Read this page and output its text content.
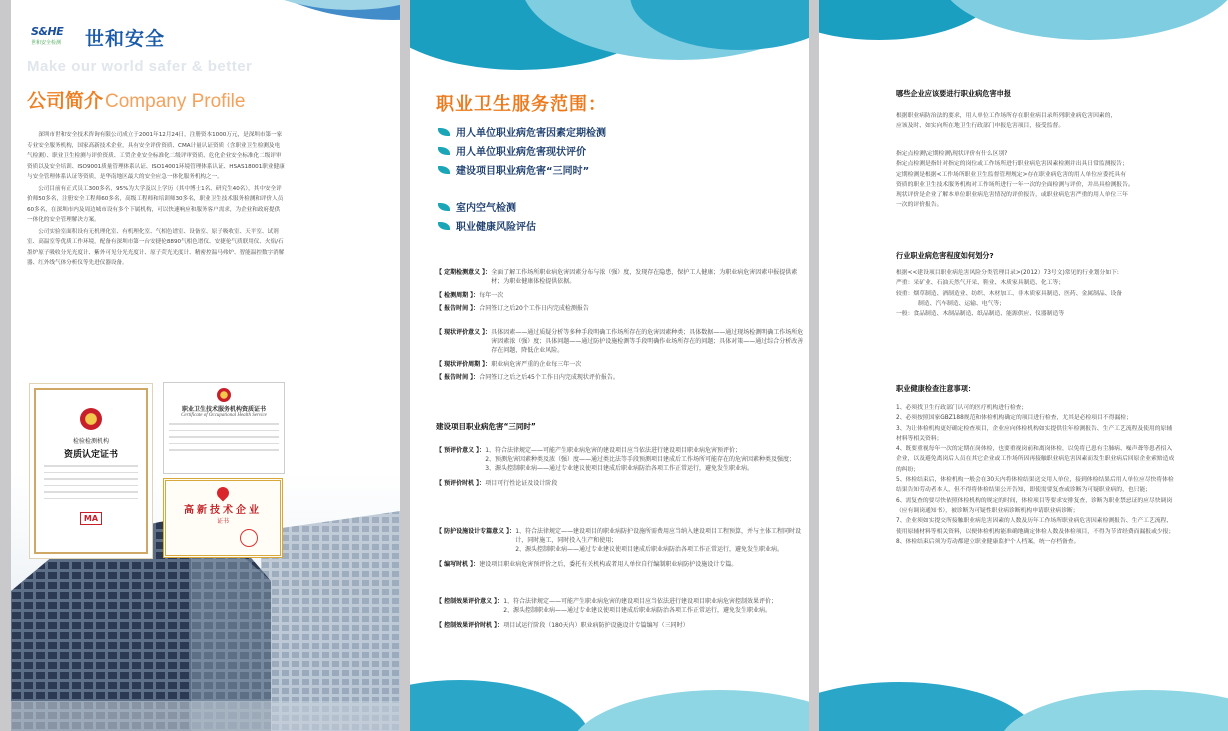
S&HE
世和安全检测 世和安全
Make our world safer & better
公司简介 Company Profile

深圳市世和安全技术咨询有限公司成立于2001年12月24日，注册资本1000万元，是深圳市第一家专业安全服务机构，国家高新技术企业，具有安全评价资质、CMA计量认证资质（含职业卫生检测及电气检测）、职业卫生检测与评价资质、工贸企业安全标准化二级评审资质、危化企业安全标准化二级评审资质以及安全培训、ISO9001质量管理体系认证、ISO14001环境管理体系认证、HSAS18001职业健康与安全管理体系认证等资质，是华南地区最大的安全应急一体化服务机构之一。

公司目前有正式员工300多名，95%为大学及以上学历（其中博士1名、研究生40名），其中安全评价师50多名，注册安全工程师60多名，高级工程师和培训师30多名，职业卫生技术服务检测和评价人员60多名，在深圳市内及周边城市设有多个下属机构，可以快速响应和服务客户需求，为企业和政府提供一体化的安全管理解决方案。

公司实验室面积设有无机理化室、有机理化室、气相色谱室、设备室、原子吸收室、天平室、试剂室、高温室等优质工作环境，配备有深圳市第一台安捷伦8890气相色谱仪、安捷伦气质联用仪、火焰/石墨炉原子吸收分光光度计、紫外可见分光光度计、原子荧光光度计、精密控温马弗炉、智能温控数字消解器、红外线气体分析仪等先进仪器设备。

检验检测机构
资质认定证书
MA
职业卫生技术服务机构资质证书
Certificate of Occupational Health Service
高新技术企业
证书
职业卫生服务范围：
用人单位职业病危害因素定期检测
用人单位职业病危害现状评价
建设项目职业病危害“三同时”
室内空气检测
职业健康风险评估
【 定期检测意义 】： 全面了解工作场所职业病危害因素分布与浓（强）度，发现存在隐患，保护工人健康；为职业病危害因素申报提供素材；为职业健康体检提供依据。
【 检测周期 】： 每年一次
【 报告时间 】： 合同签订之后20个工作日内完成检测报告
【 现状评价意义 】： 具体因素——通过质疑分析等多种手段明确工作场所存在的危害因素种类；具体数据——通过现场检测明确工作场所危害因素浓（强）度；具体问题——通过防护设施检测等手段明确作业场所存在的问题；具体对策——通过综合分析改善存在问题，降低企业风险。
【 现状评价周期 】： 职业病危害严重的企业每三年一次
【 报告时间 】： 合同签订之后之后45个工作日内完成现状评价报告。
建设项目职业病危害“三同时”
【 预评价意义 】： 1、符合法律规定——可能产生职业病危害的建设项目应当依法进行建设项目职业病危害预评价；
2、预测危害因素种类及浓（强）度——通过类比法等手段预测项目建成后工作场所可能存在的危害因素种类及强度；
3、源头控制职业病——通过专业建议使项目建成后职业病防治各项工作正常运行，避免发生职业病。
【 预评价时机 】： 项目可行性论证及设计阶段
【 防护设施设计专篇意义 】： 1、符合法律规定——建设项目的职业病防护设施所需费用应当纳入建设项目工程预算，并与主体工程同时设计，同时施工，同时投入生产和使用；
2、源头控制职业病——通过专业建议使项目建成后职业病防治各项工作正常运行，避免发生职业病。
【 编写时机 】： 建设项目职业病危害预评价之后，委托有关机构或者用人单位自行编制职业病防护设施设计专篇。
【 控制效果评价意义 】： 1、符合法律规定——可能产生职业病危害的建设项目应当依法进行建设项目职业病危害控制效果评价；
2、源头控制职业病——通过专业建议使项目建成后职业病防治各项工作正常运行，避免发生职业病。
【 控制效果评价时机 】： 项目试运行阶段（180天内）职业病防护设施设计专篇编写（三同时）
哪些企业应该要进行职业病危害申报

根据职业病防治法的要求，用人单位工作场所存在职业病目录所列职业病危害因素的，

应该及时、如实向所在地卫生行政部门申报危害项目，接受监督。

指定点检测\定期检测\现状评价有什么区别?

指定点检测是指针对指定的岗位或工作场所进行职业病危害因素检测并出具日常监测报告；

定期检测是根据<工作场所职业卫生监督管理规定>存在职业病危害的用人单位应委托具有

资质的职业卫生技术服务机构对工作场所进行一年一次的全面检测与评价，并出具检测报告。

现状评价是企业了解本单位职业病危害情况的评价报告，或职业病危害严重的用人单位三年

一次的评价报告。

行业职业病危害程度如何划分?

根据<<建设项目职业病危害风险分类管理目录>(2012）73号文)常见的行业划分如下:

严重：采矿业、石油天然气开采、鞋业、木质家具制造、化工等；

较重：烟草制造、酒制造业、纺织、木材加工、非木质家具制造、医药、金属制品、设备

制造、汽车制造、运输、电气等；

一般：食品制造、木制品制造、纸品制造、能源供应、仪器制造等

职业健康检查注意事项：
1、必须找卫生行政部门认可的医疗机构进行检查；
2、必须按照国家GBZ188规范和体检机构确定的项目进行检查，尤其是必检项目不得漏检；
3、为让体检机构更好确定检查项目，企业应向体检机构如实提供往年检测报告、生产工艺流程及使用的原辅材料等相关资料；
4、既要重视每年一次的定期在岗体检，也要重视岗前和离岗体检，以免将已患有尘肺病、噪声聋等患者招入企业，以及避免离岗后人员在其它企业或工作场所因再接触职业病危害因素而发生职业病后回原企业索赔造成的纠纷；
5、体检结束后，体检机构一般会在30天内将体检结果送交用人单位，接到体检结果后用人单位应尽快将体检结果告知劳动者本人，但不得将体检结果公开告知，即使需要复查或诊断为可疑职业病的，也只能；
6、需复查的要尽快依照体检机构的规定的时间，体检项目等要求安排复查，诊断为职业禁忌证的应尽快调岗（应有调岗通知书），被诊断为可疑性职业病诊断机构申请职业病诊断；
7、企业须如实提交所接触职业病危害因素的人数及历年工作场所职业病危害因素检测报告、生产工艺流程、使用原辅材料等相关资料，以便体检机构能准确地确定体检人数及体检项目，不得为节省经费而漏报或少报；
8、体检结束后须为劳动都建立职业健康监护个人档案，统一存档备查。
